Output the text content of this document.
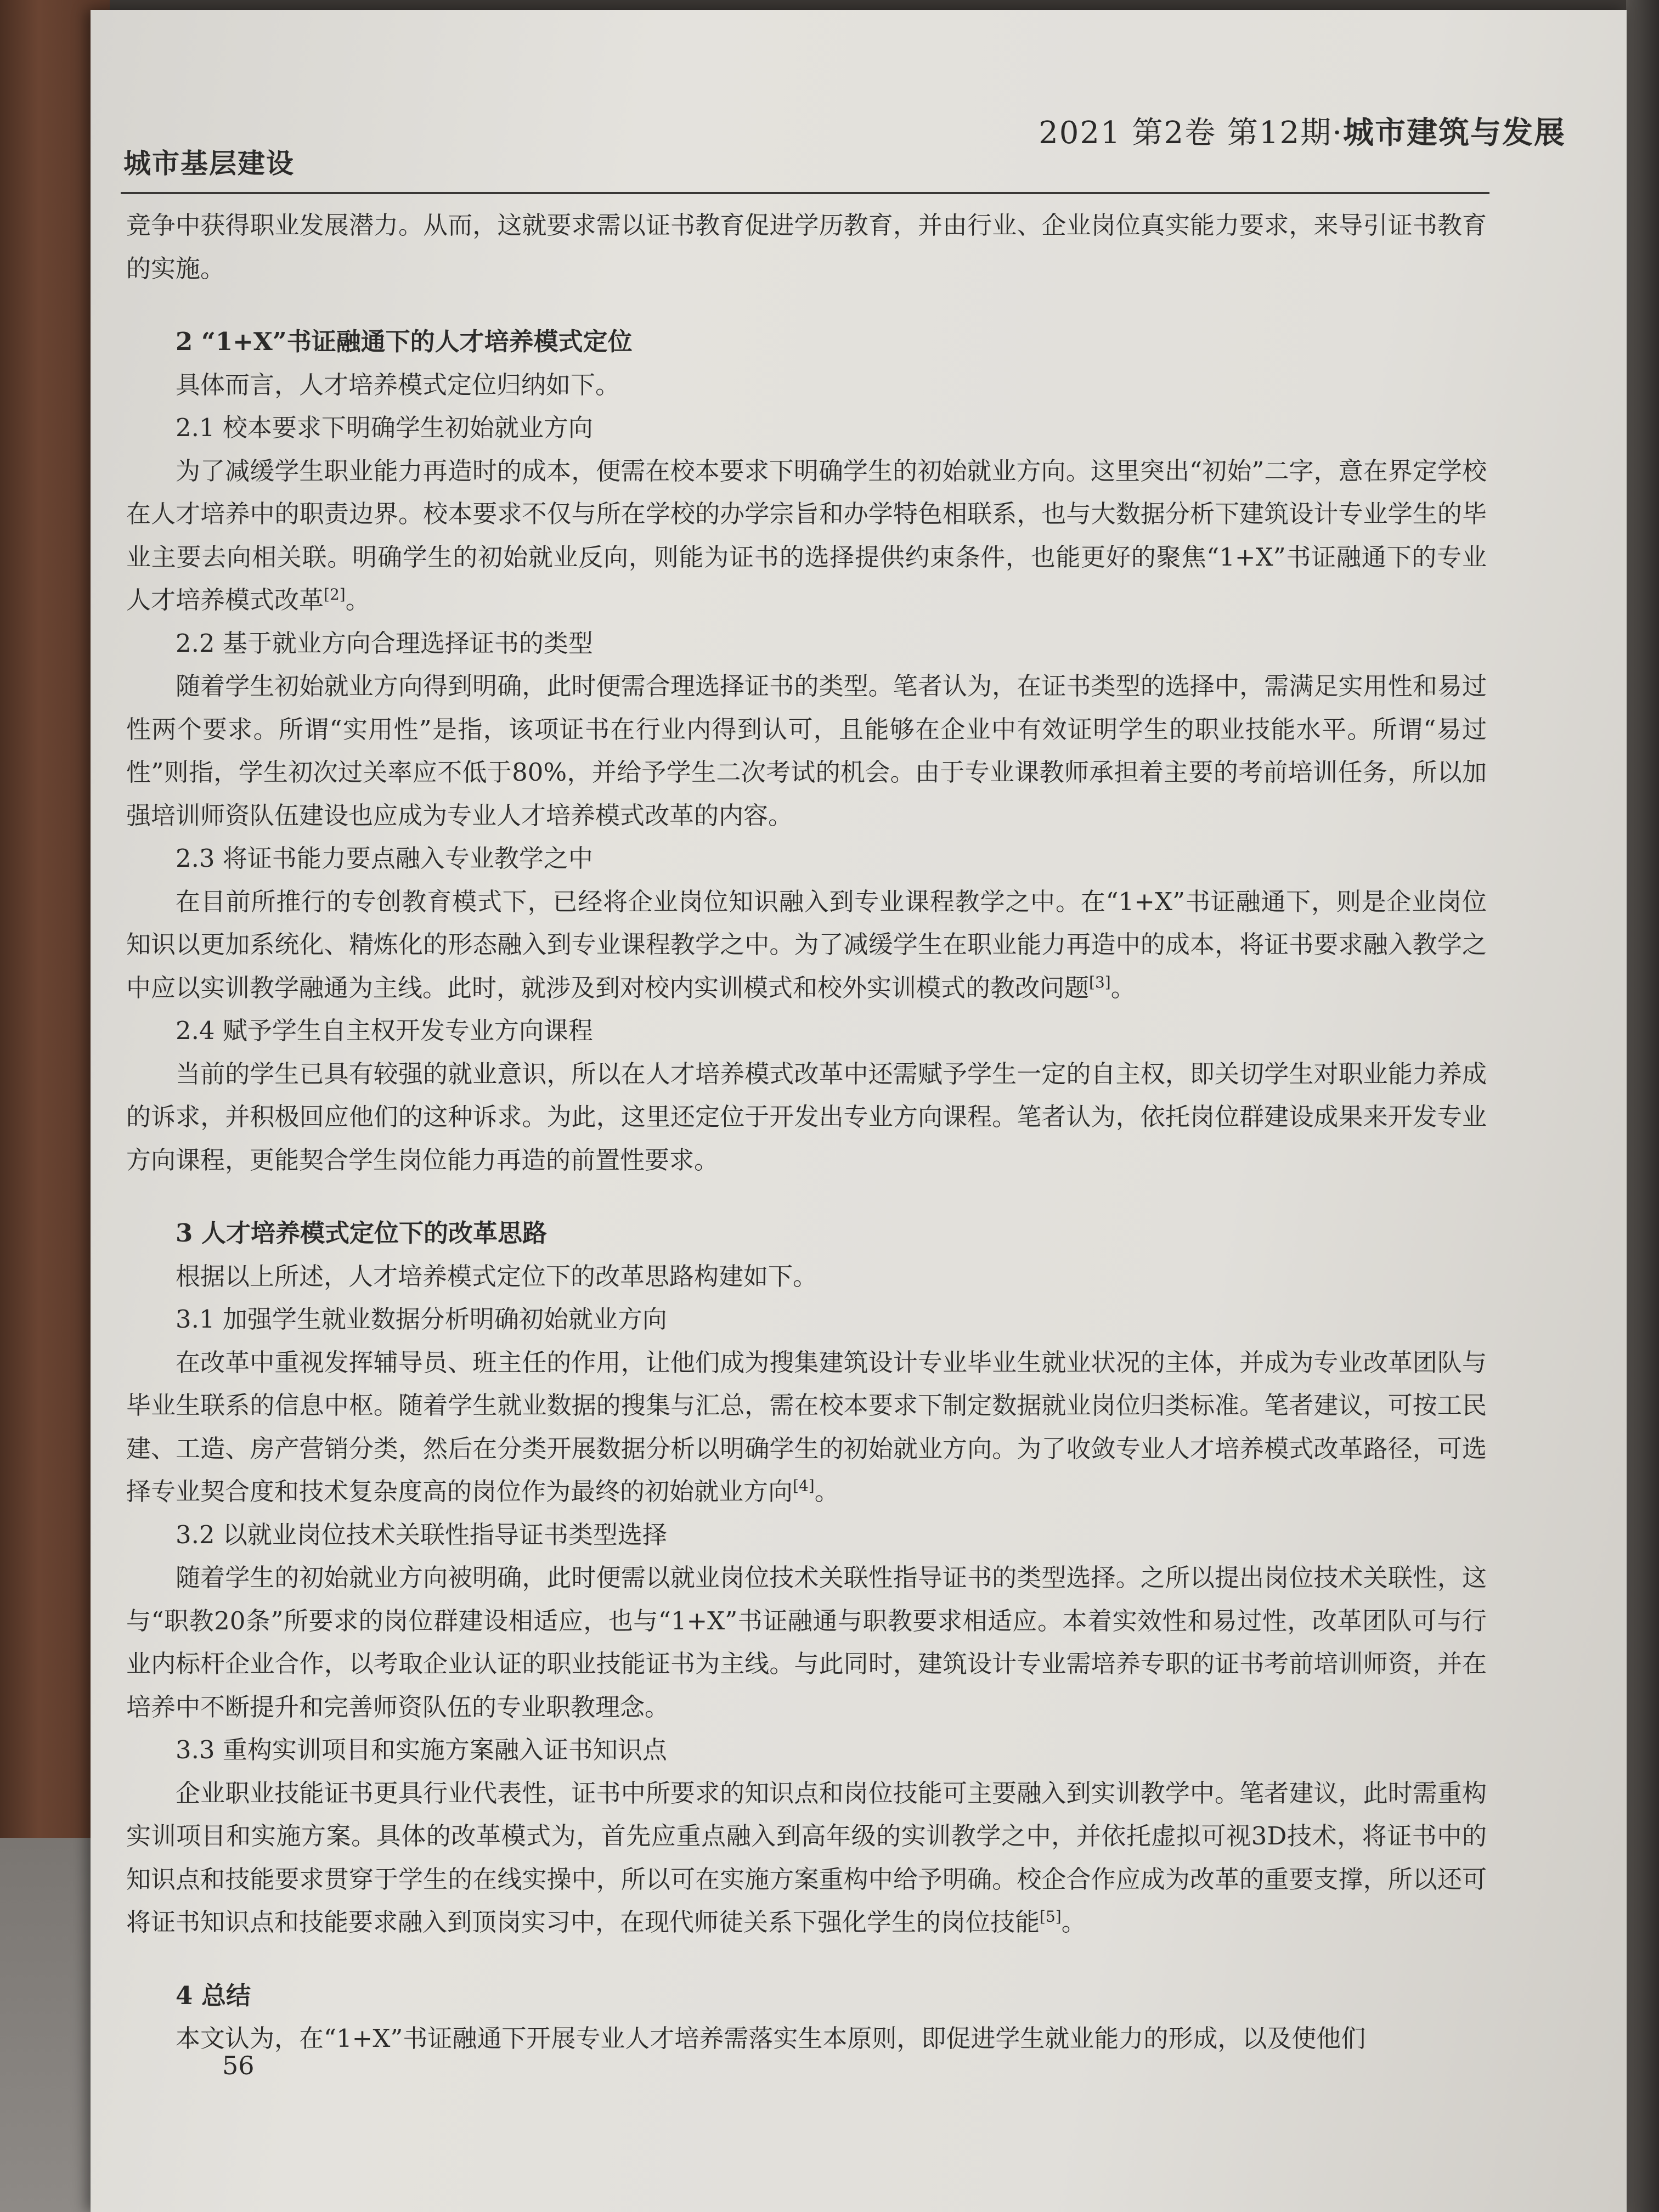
城市基层建设
2021 第2卷 第12期·城市建筑与发展

竞争中获得职业发展潜力。从而，这就要求需以证书教育促进学历教育，并由行业、企业岗位真实能力要求，来导引证书教育的实施。

2 “1+X”书证融通下的人才培养模式定位

具体而言，人才培养模式定位归纳如下。

2.1 校本要求下明确学生初始就业方向

为了减缓学生职业能力再造时的成本，便需在校本要求下明确学生的初始就业方向。这里突出“初始”二字，意在界定学校在人才培养中的职责边界。校本要求不仅与所在学校的办学宗旨和办学特色相联系，也与大数据分析下建筑设计专业学生的毕业主要去向相关联。明确学生的初始就业反向，则能为证书的选择提供约束条件，也能更好的聚焦“1+X”书证融通下的专业人才培养模式改革[2]。

2.2 基于就业方向合理选择证书的类型

随着学生初始就业方向得到明确，此时便需合理选择证书的类型。笔者认为，在证书类型的选择中，需满足实用性和易过性两个要求。所谓“实用性”是指，该项证书在行业内得到认可，且能够在企业中有效证明学生的职业技能水平。所谓“易过性”则指，学生初次过关率应不低于80%，并给予学生二次考试的机会。由于专业课教师承担着主要的考前培训任务，所以加强培训师资队伍建设也应成为专业人才培养模式改革的内容。

2.3 将证书能力要点融入专业教学之中

在目前所推行的专创教育模式下，已经将企业岗位知识融入到专业课程教学之中。在“1+X”书证融通下，则是企业岗位知识以更加系统化、精炼化的形态融入到专业课程教学之中。为了减缓学生在职业能力再造中的成本，将证书要求融入教学之中应以实训教学融通为主线。此时，就涉及到对校内实训模式和校外实训模式的教改问题[3]。

2.4 赋予学生自主权开发专业方向课程

当前的学生已具有较强的就业意识，所以在人才培养模式改革中还需赋予学生一定的自主权，即关切学生对职业能力养成的诉求，并积极回应他们的这种诉求。为此，这里还定位于开发出专业方向课程。笔者认为，依托岗位群建设成果来开发专业方向课程，更能契合学生岗位能力再造的前置性要求。

3 人才培养模式定位下的改革思路

根据以上所述，人才培养模式定位下的改革思路构建如下。

3.1 加强学生就业数据分析明确初始就业方向

在改革中重视发挥辅导员、班主任的作用，让他们成为搜集建筑设计专业毕业生就业状况的主体，并成为专业改革团队与毕业生联系的信息中枢。随着学生就业数据的搜集与汇总，需在校本要求下制定数据就业岗位归类标准。笔者建议，可按工民建、工造、房产营销分类，然后在分类开展数据分析以明确学生的初始就业方向。为了收敛专业人才培养模式改革路径，可选择专业契合度和技术复杂度高的岗位作为最终的初始就业方向[4]。

3.2 以就业岗位技术关联性指导证书类型选择

随着学生的初始就业方向被明确，此时便需以就业岗位技术关联性指导证书的类型选择。之所以提出岗位技术关联性，这与“职教20条”所要求的岗位群建设相适应，也与“1+X”书证融通与职教要求相适应。本着实效性和易过性，改革团队可与行业内标杆企业合作，以考取企业认证的职业技能证书为主线。与此同时，建筑设计专业需培养专职的证书考前培训师资，并在培养中不断提升和完善师资队伍的专业职教理念。

3.3 重构实训项目和实施方案融入证书知识点

企业职业技能证书更具行业代表性，证书中所要求的知识点和岗位技能可主要融入到实训教学中。笔者建议，此时需重构实训项目和实施方案。具体的改革模式为，首先应重点融入到高年级的实训教学之中，并依托虚拟可视3D技术，将证书中的知识点和技能要求贯穿于学生的在线实操中，所以可在实施方案重构中给予明确。校企合作应成为改革的重要支撑，所以还可将证书知识点和技能要求融入到顶岗实习中，在现代师徒关系下强化学生的岗位技能[5]。

4 总结

本文认为，在“1+X”书证融通下开展专业人才培养需落实生本原则，即促进学生就业能力的形成，以及使他们

56
